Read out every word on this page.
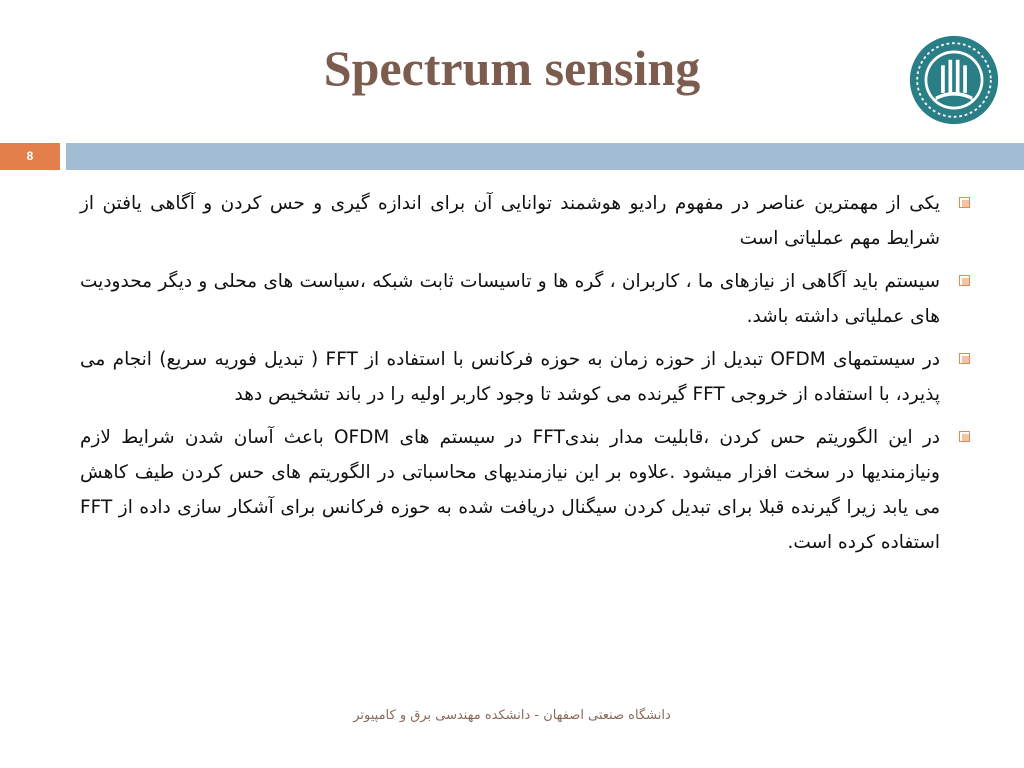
Spectrum sensing
8
یکی از مهمترین عناصر در مفهوم رادیو هوشمند توانایی آن برای اندازه گیری و حس کردن و آگاهی یافتن از شرایط مهم عملیاتی است
سیستم باید آگاهی از نیازهای ما ، کاربران ، گره ها و تاسیسات ثابت شبکه ،سیاست های محلی و دیگر محدودیت های عملیاتی داشته باشد.
در سیستمهای OFDM تبدیل از حوزه زمان به حوزه فرکانس با استفاده از FFT ( تبدیل فوریه سریع) انجام می پذیرد، با استفاده از خروجی FFT گیرنده می کوشد تا وجود کاربر اولیه را در باند تشخیص دهد
در این الگوریتم حس کردن ،قابلیت مدار بندیFFT در سیستم های OFDM باعث آسان شدن شرایط لازم ونیازمندیها در سخت افزار میشود .علاوه بر این نیازمندیهای محاسباتی در الگوریتم های حس کردن طیف کاهش می یابد زیرا گیرنده قبلا برای تبدیل کردن سیگنال دریافت شده به حوزه فرکانس برای آشکار سازی داده از FFT استفاده کرده است.
دانشگاه صنعتی اصفهان - دانشکده مهندسی برق و کامپیوتر
